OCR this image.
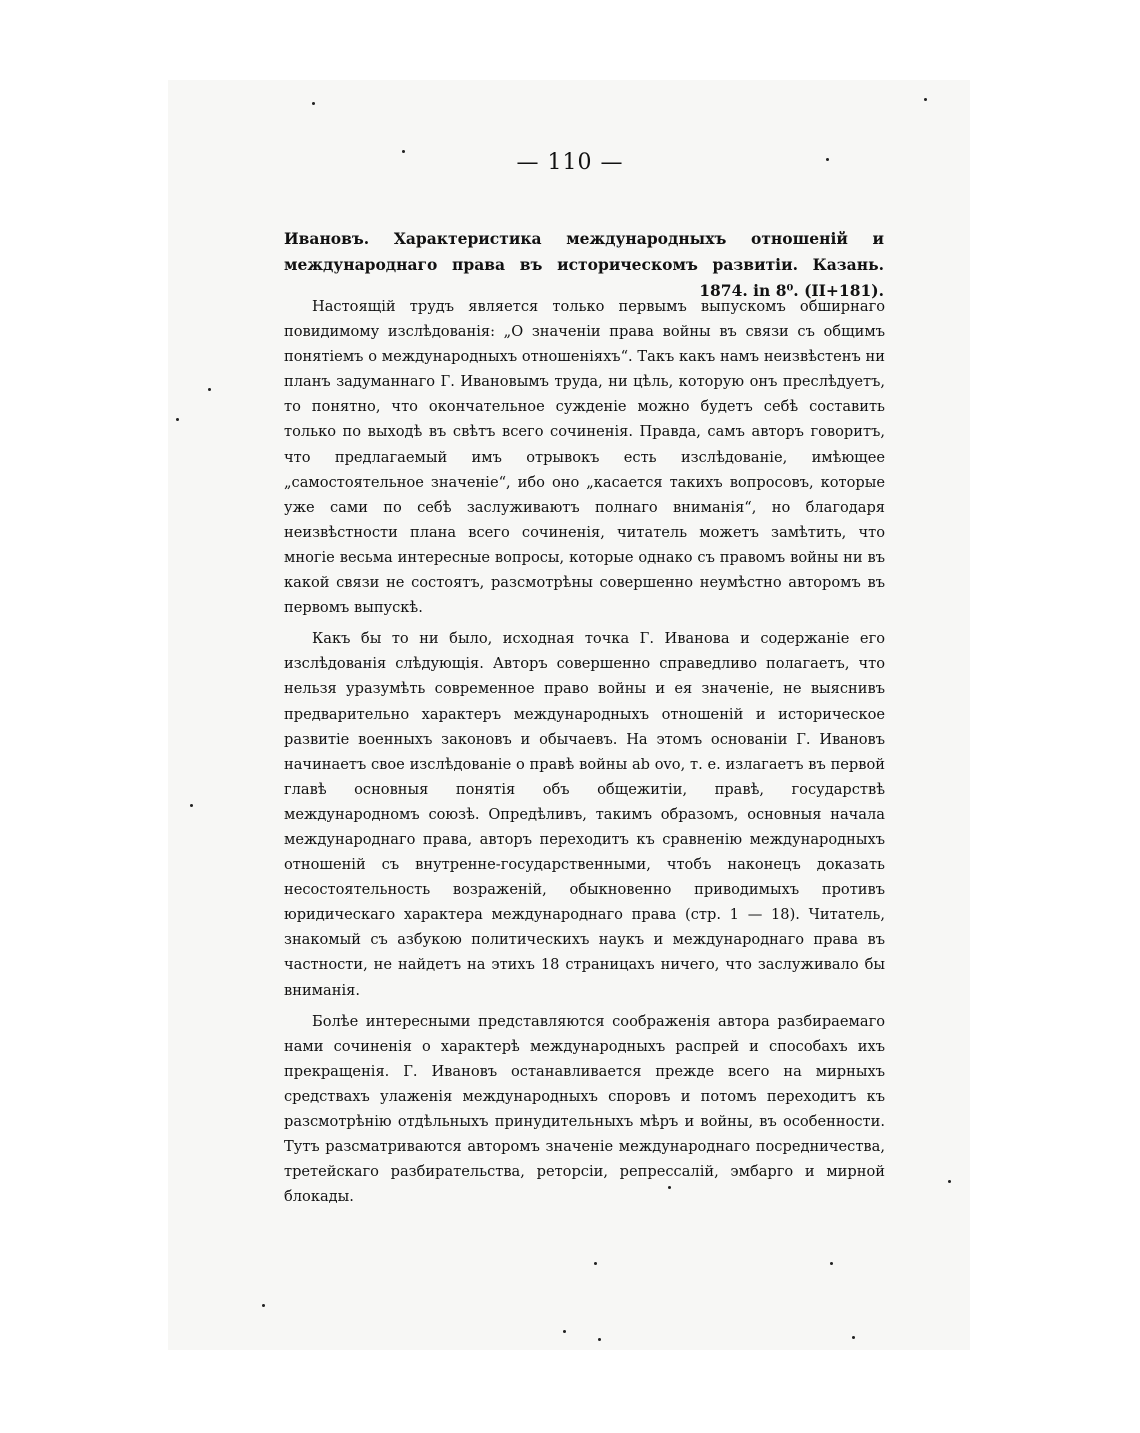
— 110 —
Ивановъ. Характеристика международныхъ отношеній и международнаго права въ историческомъ развитіи. Казань. 1874. in 8⁰. (II+181).

Настоящій трудъ является только первымъ выпускомъ обширнаго повидимому изслѣдованія: „О значеніи права войны въ связи съ общимъ понятіемъ о международныхъ отношеніяхъ“. Такъ какъ намъ неизвѣстенъ ни планъ задуманнаго Г. Ивановымъ труда, ни цѣль, которую онъ преслѣдуетъ, то понятно, что окончательное сужденіе можно будетъ себѣ составить только по выходѣ въ свѣтъ всего сочиненія. Правда, самъ авторъ говоритъ, что предлагаемый имъ отрывокъ есть изслѣдованіе, имѣющее „самостоятельное значеніе“, ибо оно „касается такихъ вопросовъ, которые уже сами по себѣ заслуживаютъ полнаго вниманія“, но благодаря неизвѣстности плана всего сочиненія, читатель можетъ замѣтить, что многіе весьма интересные вопросы, которые однако съ правомъ войны ни въ какой связи не состоятъ, разсмотрѣны совершенно неумѣстно авторомъ въ первомъ выпускѣ.

Какъ бы то ни было, исходная точка Г. Иванова и содержаніе его изслѣдованія слѣдующія. Авторъ совершенно справедливо полагаетъ, что нельзя уразумѣть современное право войны и ея значеніе, не выяснивъ предварительно характеръ международныхъ отношеній и историческое развитіе военныхъ законовъ и обычаевъ. На этомъ основаніи Г. Ивановъ начинаетъ свое изслѣдованіе о правѣ войны ab ovo, т. е. излагаетъ въ первой главѣ основныя понятія объ общежитіи, правѣ, государствѣ международномъ союзѣ. Опредѣливъ, такимъ образомъ, основныя начала международнаго права, авторъ переходитъ къ сравненію международныхъ отношеній съ внутренне-государственными, чтобъ наконецъ доказать несостоятельность возраженій, обыкновенно приводимыхъ противъ юридическаго характера международнаго права (стр. 1 — 18). Читатель, знакомый съ азбукою политическихъ наукъ и международнаго права въ частности, не найдетъ на этихъ 18 страницахъ ничего, что заслуживало бы вниманія.

Болѣе интересными представляются соображенія автора разбираемаго нами сочиненія о характерѣ международныхъ распрей и способахъ ихъ прекращенія. Г. Ивановъ останавливается прежде всего на мирныхъ средствахъ улаженія международныхъ споровъ и потомъ переходитъ къ разсмотрѣнію отдѣльныхъ принудительныхъ мѣръ и войны, въ особенности. Тутъ разсматриваются авторомъ значеніе международнаго посредничества, третейскаго разбирательства, реторсіи, репрессалій, эмбарго и мирной блокады.
